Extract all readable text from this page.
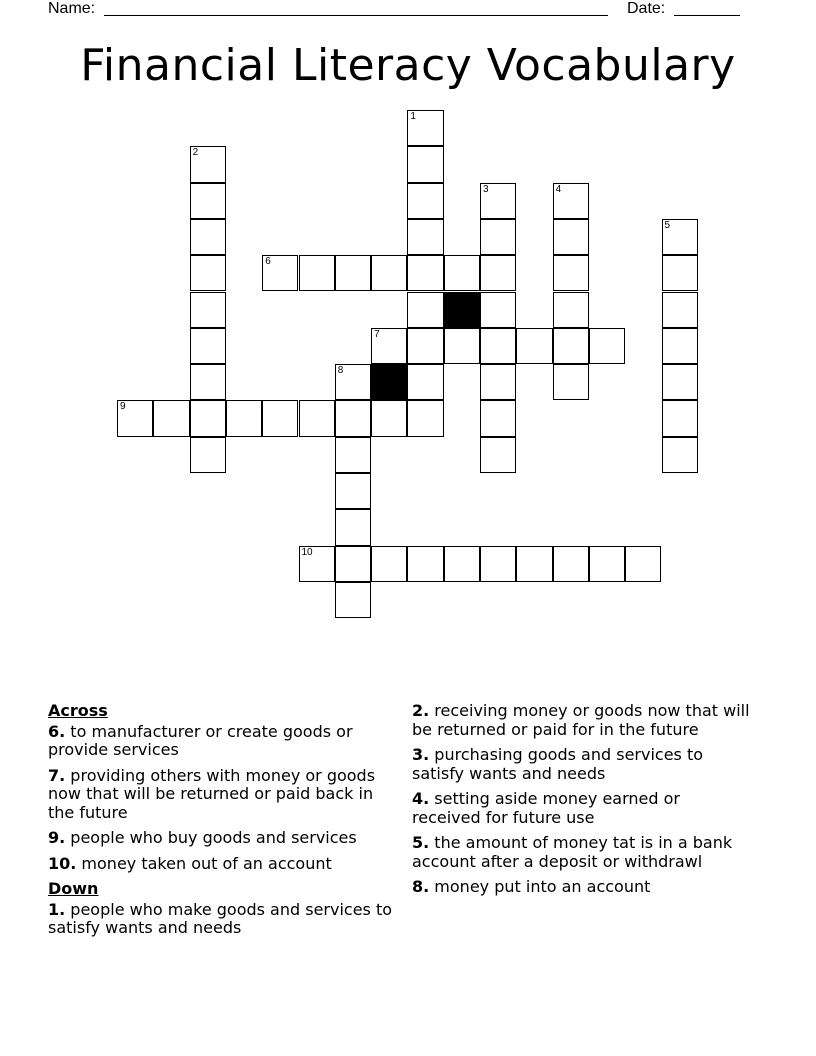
Name:	Date:
Financial Literacy Vocabulary
1
2
3	4
5
6
7
8
9
10
Across
6. to manufacturer or create goods or provide services
7. providing others with money or goods now that will be returned or paid back in the future
9. people who buy goods and services
10. money taken out of an account
Down
1. people who make goods and services to satisfy wants and needs
2. receiving money or goods now that will be returned or paid for in the future
3. purchasing goods and services to satisfy wants and needs
4. setting aside money earned or received for future use
5. the amount of money tat is in a bank account after a deposit or withdrawl
8. money put into an account
